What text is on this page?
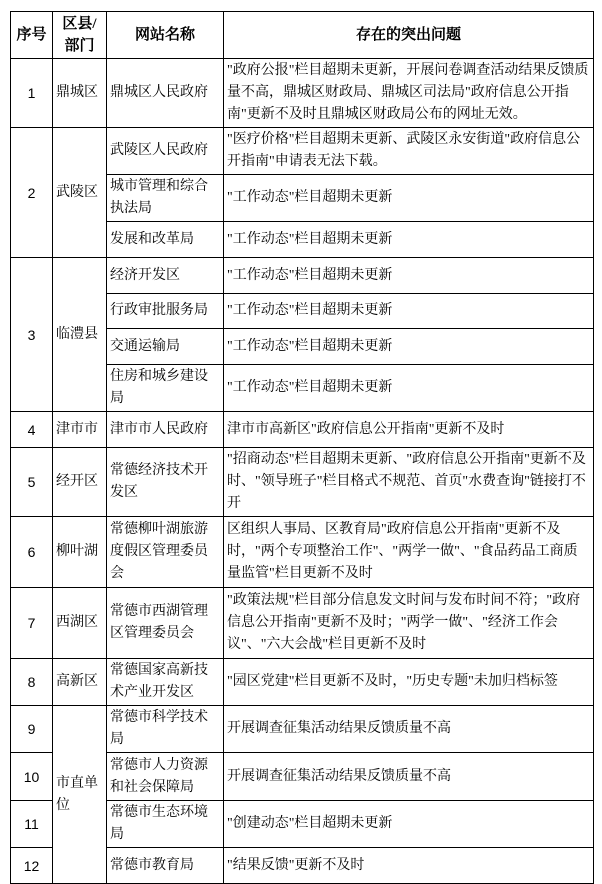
序号	区县/部门	网站名称	存在的突出问题
1	鼎城区	鼎城区人民政府	"政府公报"栏目超期未更新，开展问卷调查活动结果反馈质量不高，鼎城区财政局、鼎城区司法局"政府信息公开指南"更新不及时且鼎城区财政局公布的网址无效。
2	武陵区	武陵区人民政府	"医疗价格"栏目超期未更新、武陵区永安街道"政府信息公开指南"申请表无法下载。
		城市管理和综合执法局	"工作动态"栏目超期未更新
		发展和改革局	"工作动态"栏目超期未更新
3	临澧县	经济开发区	"工作动态"栏目超期未更新
		行政审批服务局	"工作动态"栏目超期未更新
		交通运输局	"工作动态"栏目超期未更新
		住房和城乡建设局	"工作动态"栏目超期未更新
4	津市市	津市市人民政府	津市市高新区"政府信息公开指南"更新不及时
5	经开区	常德经济技术开发区	"招商动态"栏目超期未更新、"政府信息公开指南"更新不及时、"领导班子"栏目格式不规范、首页"水费查询"链接打不开
6	柳叶湖	常德柳叶湖旅游度假区管理委员会	区组织人事局、区教育局"政府信息公开指南"更新不及时，"两个专项整治工作"、"两学一做"、"食品药品工商质量监管"栏目更新不及时
7	西湖区	常德市西湖管理区管理委员会	"政策法规"栏目部分信息发文时间与发布时间不符；"政府信息公开指南"更新不及时；"两学一做"、"经济工作会议"、"六大会战"栏目更新不及时
8	高新区	常德国家高新技术产业开发区	"园区党建"栏目更新不及时，"历史专题"未加归档标签
9	市直单位	常德市科学技术局	开展调查征集活动结果反馈质量不高
10		常德市人力资源和社会保障局	开展调查征集活动结果反馈质量不高
11		常德市生态环境局	"创建动态"栏目超期未更新
12		常德市教育局	"结果反馈"更新不及时
